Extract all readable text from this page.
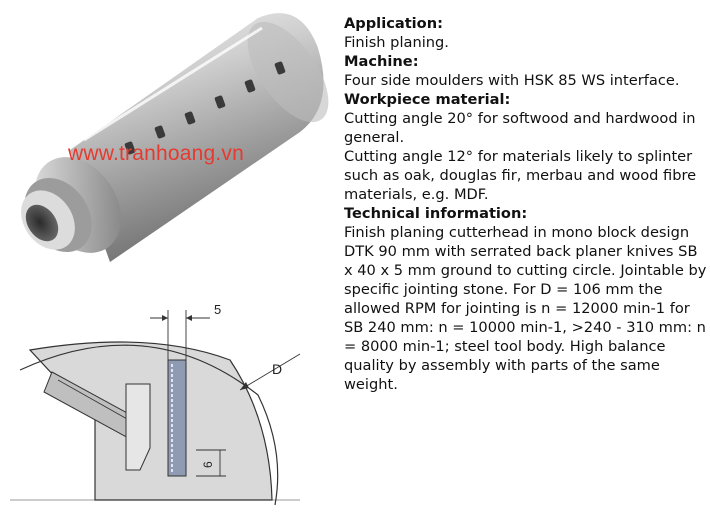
www.tranhoang.vn
5
D
6
Application:
Finish planing.
Machine:
Four side moulders with HSK 85 WS interface.
Workpiece material:
Cutting angle 20° for softwood and hardwood in general.
Cutting angle 12° for materials likely to splinter such as oak, douglas fir, merbau and wood fibre materials, e.g. MDF.
Technical information:
Finish planing cutterhead in mono block design DTK 90 mm with serrated back planer knives SB x 40 x 5 mm ground to cutting circle. Jointable by specific jointing stone. For D = 106 mm the allowed RPM for jointing is n = 12000 min-1 for SB 240 mm: n = 10000 min-1, >240 - 310 mm: n = 8000 min-1; steel tool body. High balance quality by assembly with parts of the same weight.
